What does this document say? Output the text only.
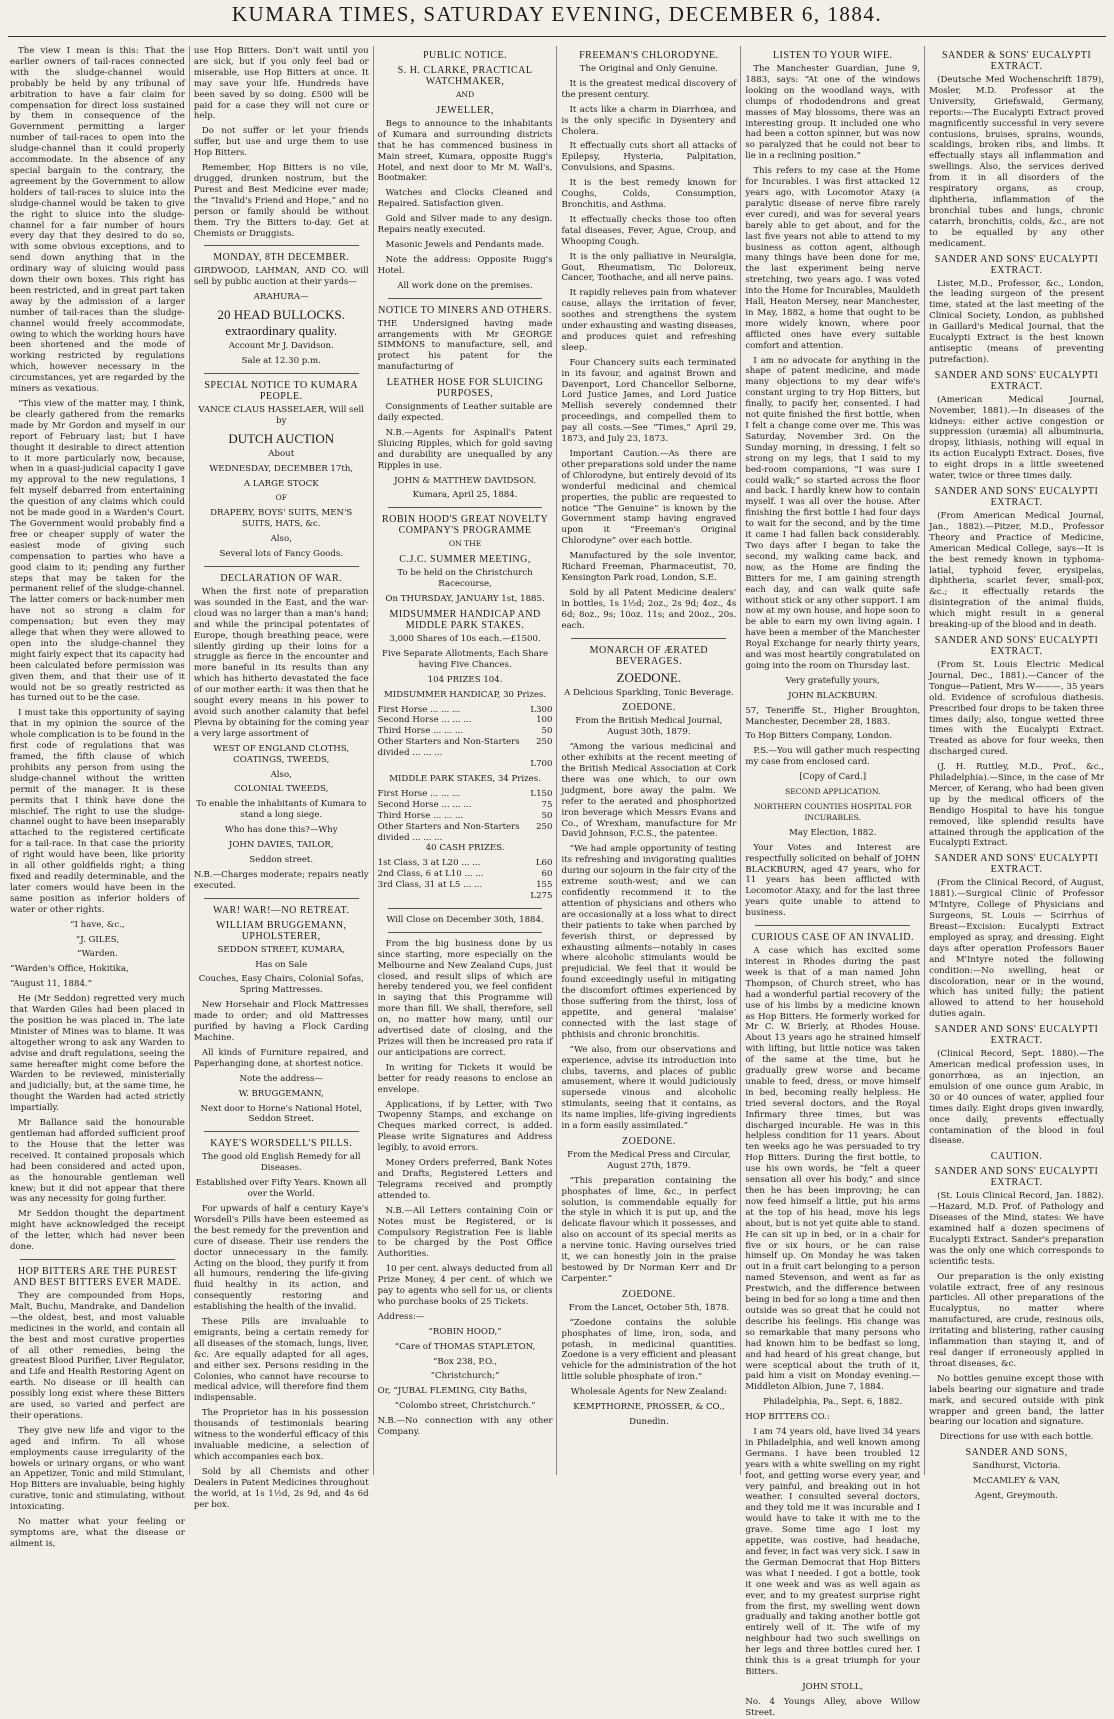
KUMARA TIMES, SATURDAY EVENING, DECEMBER 6, 1884.

The view I mean is this: That the earlier owners of tail-races connected with the sludge-channel would probably be held by any tribunal of arbitration to have a fair claim for compensation for direct loss sustained by them in consequence of the Government permitting a larger number of tail-races to open into the sludge-channel than it could properly accommodate. In the absence of any special bargain to the contrary, the agreement by the Government to allow holders of tail-races to sluice into the sludge-channel would be taken to give the right to sluice into the sludge-channel for a fair number of hours every day that they desired to do so, with some obvious exceptions, and to send down anything that in the ordinary way of sluicing would pass down their own boxes. This right has been restricted, and in great part taken away by the admission of a larger number of tail-races than the sludge-channel would freely accommodate, owing to which the working hours have been shortened and the mode of working restricted by regulations which, however necessary in the circumstances, yet are regarded by the miners as vexatious.

“This view of the matter may, I think, be clearly gathered from the remarks made by Mr Gordon and myself in our report of February last; but I have thought it desirable to direct attention to it more particularly now, because, when in a quasi-judicial capacity I gave my approval to the new regulations, I felt myself debarred from entertaining the question of any claims which could not be made good in a Warden's Court. The Government would probably find a free or cheaper supply of water the easiest mode of giving such compensation to parties who have a good claim to it; pending any further steps that may be taken for the permanent relief of the sludge-channel. The latter comers or back-number men have not so strong a claim for compensation; but even they may allege that when they were allowed to open into the sludge-channel they might fairly expect that its capacity had been calculated before permission was given them, and that their use of it would not be so greatly restricted as has turned out to be the case.

I must take this opportunity of saying that in my opinion the source of the whole complication is to be found in the first code of regulations that was framed, the fifth clause of which prohibits any person from using the sludge-channel without the written permit of the manager. It is these permits that I think have done the mischief. The right to use the sludge-channel ought to have been inseparably attached to the registered certificate for a tail-race. In that case the priority of right would have been, like priority in all other goldfields right; a thing fixed and readily determinable, and the later comers would have been in the same position as inferior holders of water or other rights.

“I have, &c.,

“J. GILES,

“Warden.

“Warden's Office, Hokitika,

“August 11, 1884.”

He (Mr Seddon) regretted very much that Warden Giles had been placed in the position he was placed in. The late Minister of Mines was to blame. It was altogether wrong to ask any Warden to advise and draft regulations, seeing the same hereafter might come before the Warden to be reviewed, ministerially and judicially; but, at the same time, he thought the Warden had acted strictly impartially.

Mr Ballance said the honourable gentleman had afforded sufficient proof to the House that the letter was received. It contained proposals which had been considered and acted upon, as the honourable gentleman well knew; but it did not appear that there was any necessity for going further.

Mr Seddon thought the department might have acknowledged the receipt of the letter, which had never been done.

HOP BITTERS ARE THE PUREST AND BEST BITTERS EVER MADE.

They are compounded from Hops, Malt, Buchu, Mandrake, and Dandelion—the oldest, best, and most valuable medicines in the world, and contain all the best and most curative properties of all other remedies, being the greatest Blood Purifier, Liver Regulator, and Life and Health Restoring Agent on earth. No disease or ill health can possibly long exist where these Bitters are used, so varied and perfect are their operations.

They give new life and vigor to the aged and infirm. To all whose employments cause irregularity of the bowels or urinary organs, or who want an Appetizer, Tonic and mild Stimulant, Hop Bitters are invaluable, being highly curative, tonic and stimulating, without intoxicating.

No matter what your feeling or symptoms are, what the disease or ailment is,

use Hop Bitters. Don't wait until you are sick, but if you only feel bad or miserable, use Hop Bitters at once. It may save your life. Hundreds have been saved by so doing. £500 will be paid for a case they will not cure or help.

Do not suffer or let your friends suffer, but use and urge them to use Hop Bitters.

Remember, Hop Bitters is no vile, drugged, drunken nostrum, but the Purest and Best Medicine ever made; the “Invalid's Friend and Hope,” and no person or family should be without them. Try the Bitters to-day. Get at Chemists or Druggists.

MONDAY, 8TH DECEMBER.

GIRDWOOD, LAHMAN, AND CO. will sell by public auction at their yards—

ARAHURA—

20 HEAD BULLOCKS. extraordinary quality.

Account Mr J. Davidson.

Sale at 12.30 p.m.

SPECIAL NOTICE TO KUMARA PEOPLE.

VANCE CLAUS HASSELAER, Will sell by

DUTCH AUCTION

About

WEDNESDAY, DECEMBER 17th,

A LARGE STOCK

OF

DRAPERY, BOYS' SUITS, MEN'S SUITS, HATS, &c.

Also,

Several lots of Fancy Goods.

DECLARATION OF WAR.

When the first note of preparation was sounded in the East, and the war-cloud was no larger than a man's hand; and while the principal potentates of Europe, though breathing peace, were silently girding up their loins for a struggle as fierce in the encounter and more baneful in its results than any which has hitherto devastated the face of our mother earth: it was then that he sought every means in his power to avoid such another calamity that befel Plevna by obtaining for the coming year a very large assortment of

WEST OF ENGLAND CLOTHS, COATINGS, TWEEDS,

Also,

COLONIAL TWEEDS,

To enable the inhabitants of Kumara to stand a long siege.

Who has done this?—Why

JOHN DAVIES, TAILOR,

Seddon street.

N.B.—Charges moderate; repairs neatly executed.

WAR! WAR!—NO RETREAT.
WILLIAM BRUGGEMANN, UPHOLSTERER,

SEDDON STREET, KUMARA,

Has on Sale

Couches, Easy Chairs, Colonial Sofas, Spring Mattresses.

New Horsehair and Flock Mattresses made to order; and old Mattresses purified by having a Flock Carding Machine.

All kinds of Furniture repaired, and Paperhanging done, at shortest notice.

Note the address—

W. BRUGGEMANN,

Next door to Horne's National Hotel, Seddon Street.

KAYE'S WORSDELL'S PILLS.

The good old English Remedy for all Diseases.

Established over Fifty Years. Known all over the World.

For upwards of half a century Kaye's Worsdell's Pills have been esteemed as the best remedy for the prevention and cure of disease. Their use renders the doctor unnecessary in the family. Acting on the blood, they purify it from all humours, rendering the life-giving fluid healthy in its action, and consequently restoring and establishing the health of the invalid.

These Pills are invaluable to emigrants, being a certain remedy for all diseases of the stomach, lungs, liver, &c. Are equally adapted for all ages, and either sex. Persons residing in the Colonies, who cannot have recourse to medical advice, will therefore find them indispensable.

The Proprietor has in his possession thousands of testimonials bearing witness to the wonderful efficacy of this invaluable medicine, a selection of which accompanies each box.

Sold by all Chemists and other Dealers in Patent Medicines throughout the world, at 1s 1½d, 2s 9d, and 4s 6d per box.

PUBLIC NOTICE.
S. H. CLARKE, PRACTICAL WATCHMAKER,

AND

JEWELLER,

Begs to announce to the inhabitants of Kumara and surrounding districts that he has commenced business in Main street, Kumara, opposite Rugg's Hotel, and next door to Mr M. Wall's, Bootmaker.

Watches and Clocks Cleaned and Repaired. Satisfaction given.

Gold and Silver made to any design. Repairs neatly executed.

Masonic Jewels and Pendants made.

Note the address: Opposite Rugg's Hotel.

All work done on the premises.

NOTICE TO MINERS AND OTHERS.

THE Undersigned having made arrangements with Mr GEORGE SIMMONS to manufacture, sell, and protect his patent for the manufacturing of

LEATHER HOSE FOR SLUICING PURPOSES,

Consignments of Leather suitable are daily expected.

N.B.—Agents for Aspinall's Patent Sluicing Ripples, which for gold saving and durability are unequalled by any Ripples in use.

JOHN & MATTHEW DAVIDSON.

Kumara, April 25, 1884.

ROBIN HOOD'S GREAT NOVELTY COMPANY'S PROGRAMME

ON THE

C.J.C. SUMMER MEETING,

To be held on the Christchurch Racecourse,

On THURSDAY, JANUARY 1st, 1885.

MIDSUMMER HANDICAP AND MIDDLE PARK STAKES.

3,000 Shares of 10s each.—£1500.

Five Separate Allotments, Each Share having Five Chances.

104 PRIZES 104.

MIDSUMMER HANDICAP, 30 Prizes.

First Horse ... ... ...	L300
Second Horse ... ... ...	100
Third Horse ... ... ...	50
Other Starters and Non-Starters divided ... ... ...
250

L700

MIDDLE PARK STAKES, 34 Prizes.

First Horse ... ... ...	L150
Second Horse ... ... ...	75
Third Horse ... ... ...	50
Other Starters and Non-Starters divided ... ... ...
250

40 CASH PRIZES.

1st Class, 3 at L20 ... ...	L60
2nd Class, 6 at L10 ... ...	60
3rd Class, 31 at L5 ... ...	155

L275

Will Close on December 30th, 1884.

From the big business done by us since starting, more especially on the Melbourne and New Zealand Cups, just closed, and result slips of which are hereby tendered you, we feel confident in saying that this Programme will more than fill. We shall, therefore, sell on, no matter how many, until our advertised date of closing, and the Prizes will then be increased pro rata if our anticipations are correct.

In writing for Tickets it would be better for ready reasons to enclose an envelope.

Applications, if by Letter, with Two Twopenny Stamps, and exchange on Cheques marked correct, is added. Please write Signatures and Address legibly, to avoid errors.

Money Orders preferred, Bank Notes and Drafts, Registered Letters and Telegrams received and promptly attended to.

N.B.—All Letters containing Coin or Notes must be Registered, or is Compulsory Registration Fee is liable to be charged by the Post Office Authorities.

10 per cent. always deducted from all Prize Money, 4 per cent. of which we pay to agents who sell for us, or clients who purchase books of 25 Tickets.

Address:—

“ROBIN HOOD,”

“Care of THOMAS STAPLETON,

“Box 238, P.O.,

“Christchurch;”

Or, “JUBAL FLEMING, City Baths,

“Colombo street, Christchurch.”

N.B.—No connection with any other Company.

FREEMAN'S CHLORODYNE.

The Original and Only Genuine.

It is the greatest medical discovery of the present century.

It acts like a charm in Diarrhœa, and is the only specific in Dysentery and Cholera.

It effectually cuts short all attacks of Epilepsy, Hysteria, Palpitation, Convulsions, and Spasms.

It is the best remedy known for Coughs, Colds, Consumption, Bronchitis, and Asthma.

It effectually checks those too often fatal diseases, Fever, Ague, Croup, and Whooping Cough.

It is the only palliative in Neuralgia, Gout, Rheumatism, Tic Doloreux, Cancer, Toothache, and all nerve pains.

It rapidly relieves pain from whatever cause, allays the irritation of fever, soothes and strengthens the system under exhausting and wasting diseases, and produces quiet and refreshing sleep.

Four Chancery suits each terminated in its favour, and against Brown and Davenport, Lord Chancellor Selborne, Lord Justice James, and Lord Justice Mellish severely condemned their proceedings, and compelled them to pay all costs.—See “Times,” April 29, 1873, and July 23, 1873.

Important Caution.—As there are other preparations sold under the name of Chlorodyne, but entirely devoid of its wonderful medicinal and chemical properties, the public are requested to notice “The Genuine” is known by the Government stamp having engraved upon it “Freeman's Original Chlorodyne” over each bottle.

Manufactured by the sole inventor, Richard Freeman, Pharmaceutist, 70, Kensington Park road, London, S.E.

Sold by all Patent Medicine dealers' in bottles, 1s 1½d; 2oz., 2s 9d; 4oz., 4s 6d; 8oz., 9s; 10oz. 11s; and 20oz., 20s. each.

MONARCH OF ÆRATED BEVERAGES.
ZOEDONE.

A Delicious Sparkling, Tonic Beverage.

ZOEDONE.

From the British Medical Journal, August 30th, 1879.

“Among the various medicinal and other exhibits at the recent meeting of the British Medical Association at Cork there was one which, to our own judgment, bore away the palm. We refer to the aerated and phosphorized iron beverage which Messrs Evans and Co., of Wrexham, manufacture for Mr David Johnson, F.C.S., the patentee.

“We had ample opportunity of testing its refreshing and invigorating qualities during our sojourn in the fair city of the extreme south-west; and we can confidently recommend it to the attention of physicians and others who are occasionally at a loss what to direct their patients to take when parched by feverish thirst, or depressed by exhausting ailments—notably in cases where alcoholic stimulants would be prejudicial. We feel that it would be found exceedingly useful in mitigating the discomfort oftimes experienced by those suffering from the thirst, loss of appetite, and general ‘malaise’ connected with the last stage of phthisis and chronic bronchitis.

“We also, from our observations and experience, advise its introduction into clubs, taverns, and places of public amusement, where it would judiciously supersede vinous and alcoholic stimulants, seeing that it contains, as its name implies, life-giving ingredients in a form easily assimilated.”

ZOEDONE.

From the Medical Press and Circular, August 27th, 1879.

“This preparation containing the phosphates of lime, &c., in perfect solution, is commendable equally for the style in which it is put up, and the delicate flavour which it possesses, and also on account of its special merits as a nervine tonic. Having ourselves tried it, we can honestly join in the praise bestowed by Dr Norman Kerr and Dr Carpenter.”

ZOEDONE.

From the Lancet, October 5th, 1878.

“Zoedone contains the soluble phosphates of lime, iron, soda, and potash, in medicinal quantities. Zoedone is a very efficient and pleasant vehicle for the administration of the hot little soluble phosphate of iron.”

Wholesale Agents for New Zealand:

KEMPTHORNE, PROSSER, & CO.,

Dunedin.

LISTEN TO YOUR WIFE.

The Manchester Guardian, June 9, 1883, says: “At one of the windows looking on the woodland ways, with clumps of rhododendrons and great masses of May blossoms, there was an interesting group. It included one who had been a cotton spinner, but was now so paralyzed that he could not bear to lie in a reclining position.”

This refers to my case at the Home for Incurables. I was first attacked 12 years ago, with Locomotor Ataxy (a paralytic disease of nerve fibre rarely ever cured), and was for several years barely able to get about, and for the last five years not able to attend to my business as cotton agent, although many things have been done for me, the last experiment being nerve stretching, two years ago. I was voted into the Home for Incurables, Mauldeth Hall, Heaton Mersey, near Manchester, in May, 1882, a home that ought to be more widely known, where poor afflicted ones have every suitable comfort and attention.

I am no advocate for anything in the shape of patent medicine, and made many objections to my dear wife's constant urging to try Hop Bitters, but finally, to pacify her, consented. I had not quite finished the first bottle, when I felt a change come over me. This was Saturday, November 3rd. On the Sunday morning, in dressing, I felt so strong on my legs, that I said to my bed-room companions, “I was sure I could walk;” so started across the floor and back. I hardly knew how to contain myself. I was all over the house. After finishing the first bottle I had four days to wait for the second, and by the time it came I had fallen back considerably. Two days after I began to take the second, my walking came back, and now, as the Home are finding the Bitters for me, I am gaining strength each day, and can walk quite safe without stick or any other support. I am now at my own house, and hope soon to be able to earn my own living again. I have been a member of the Manchester Royal Exchange for nearly thirty years, and was most heartily congratulated on going into the room on Thursday last.

Very gratefully yours,

JOHN BLACKBURN.

57, Teneriffe St., Higher Broughton, Manchester, December 28, 1883.

To Hop Bitters Company, London.

P.S.—You will gather much respecting my case from enclosed card.

[Copy of Card.]

SECOND APPLICATION.

NORTHERN COUNTIES HOSPITAL FOR INCURABLES.

May Election, 1882.

Your Votes and Interest are respectfully solicited on behalf of JOHN BLACKBURN, aged 47 years, who for 11 years has been afflicted with Locomotor Ataxy, and for the last three years quite unable to attend to business.

CURIOUS CASE OF AN INVALID.

A case which has excited some interest in Rhodes during the past week is that of a man named John Thompson, of Church street, who has had a wonderful partial recovery of the use of his limbs by a medicine known as Hop Bitters. He formerly worked for Mr C. W. Brierly, at Rhodes House. About 13 years ago he strained himself with lifting, but little notice was taken of the same at the time, but he gradually grew worse and became unable to feed, dress, or move himself in bed, becoming really helpless. He tried several doctors, and the Royal Infirmary three times, but was discharged incurable. He was in this helpless condition for 11 years. About ten weeks ago he was persuaded to try Hop Bitters. During the first bottle, to use his own words, he “felt a queer sensation all over his body,” and since then he has been improving; he can now feed himself a little, put his arms at the top of his head, move his legs about, but is not yet quite able to stand. He can sit up in bed, or in a chair for five or six hours, or he can raise himself up. On Monday he was taken out in a fruit cart belonging to a person named Stevenson, and went as far as Prestwich, and the difference between being in bed for so long a time and then outside was so great that he could not describe his feelings. His change was so remarkable that many persons who had known him to be bedfast so long, and had heard of his great change, but were sceptical about the truth of it, paid him a visit on Monday evening.—Middleton Albion, June 7, 1884.

Philadelphia, Pa., Sept. 6, 1882.

HOP BITTERS CO.:

I am 74 years old, have lived 34 years in Philadelphia, and well known among Germans. I have been troubled 12 years with a white swelling on my right foot, and getting worse every year, and very painful, and breaking out in hot weather. I consulted several doctors, and they told me it was incurable and I would have to take it with me to the grave. Some time ago I lost my appetite, was costive, had headache, and fever, in fact was very sick. I saw in the German Democrat that Hop Bitters was what I needed. I got a bottle, took it one week and was as well again as ever, and to my greatest surprise right from the first, my swelling went down gradually and taking another bottle got entirely well of it. The wife of my neighbour had two such swellings on her legs and three bottles cured her. I think this is a great triumph for your Bitters.

JOHN STOLL,

No. 4 Youngs Alley, above Willow Street.

SANDER & SONS' EUCALYPTI EXTRACT.

(Deutsche Med Wochenschrift 1879), Mosler, M.D. Professor at the University, Griefswald, Germany, reports:—The Eucalypti Extract proved magnificently successful in very severe contusions, bruises, sprains, wounds, scaldings, broken ribs, and limbs. It effectually stays all inflammation and swellings. Also, the services derived from it in all disorders of the respiratory organs, as croup, diphtheria, inflammation of the bronchial tubes and lungs, chronic catarrh, bronchitis, colds, &c., are not to be equalled by any other medicament.

SANDER AND SONS' EUCALYPTI EXTRACT.

Lister, M.D., Professor, &c., London, the leading surgeon of the present time, stated at the last meeting of the Clinical Society, London, as published in Gaillard's Medical Journal, that the Eucalypti Extract is the best known antiseptic (means of preventing putrefaction).

SANDER AND SONS' EUCALYPTI EXTRACT.

(American Medical Journal, November, 1881).—In diseases of the kidneys: either active congestion or suppression (uræmia) all albuminuria, dropsy, lithiasis, nothing will equal in its action Eucalypti Extract. Doses, five to eight drops in a little sweetened water, twice or three times daily.

SANDER AND SONS' EUCALYPTI EXTRACT.

(From American Medical Journal, Jan., 1882).—Pitzer, M.D., Professor Theory and Practice of Medicine, American Medical College, says—It is the best remedy known in typhoma-latial, typhoid fever, erysipelas, diphtheria, scarlet fever, small-pox, &c.; it effectually retards the disintegration of the animal fluids, which might result in a general breaking-up of the blood and in death.

SANDER AND SONS' EUCALYPTI EXTRACT.

(From St. Louis Electric Medical Journal, Dec., 1881).—Cancer of the Tongue—Patient, Mrs W———, 35 years old. Evidence of scrofulous diathesis. Prescribed four drops to be taken three times daily; also, tongue wetted three times with the Eucalypti Extract. Treated as above for four weeks, then discharged cured.

(J. H. Ruttley, M.D., Prof., &c., Philadelphia).—Since, in the case of Mr Mercer, of Kerang, who had been given up by the medical officers of the Bendigo Hospital to have his tongue removed, like splendid results have attained through the application of the Eucalypti Extract.

SANDER AND SONS' EUCALYPTI EXTRACT.

(From the Clinical Record, of August, 1881).—Surgical Clinic of Professor M'Intyre, College of Physicians and Surgeons, St. Louis — Scirrhus of Breast—Excision: Eucalypti Extract employed as spray, and dressing. Eight days after operation Professors Bauer and M'Intyre noted the following condition:—No swelling, heat or discoloration, near or in the wound, which has united fully; the patient allowed to attend to her household duties again.

SANDER AND SONS' EUCALYPTI EXTRACT.

(Clinical Record, Sept. 1880).—The American medical profession uses, in gonorrhœa, as an injection, an emulsion of one ounce gum Arabic, in 30 or 40 ounces of water, applied four times daily. Eight drops given inwardly, once daily, prevents effectually contamination of the blood in foul disease.

CAUTION.
SANDER AND SONS' EUCALYPTI EXTRACT.

(St. Louis Clinical Record, Jan. 1882).—Hazard, M.D. Prof. of Pathology and Diseases of the Mind, states: We have examined half a dozen specimens of Eucalypti Extract. Sander's preparation was the only one which corresponds to scientific tests.

Our preparation is the only existing volatile extract, free of any resinous particles. All other preparations of the Eucalyptus, no matter where manufactured, are crude, resinous oils, irritating and blistering, rather causing inflammation than staying it, and of real danger if erroneously applied in throat diseases, &c.

No bottles genuine except those with labels bearing our signature and trade mark, and secured outside with pink wrapper and green band, the latter bearing our location and signature.

Directions for use with each bottle.

SANDER AND SONS,

Sandhurst, Victoria.

McCAMLEY & VAN,

Agent, Greymouth.
